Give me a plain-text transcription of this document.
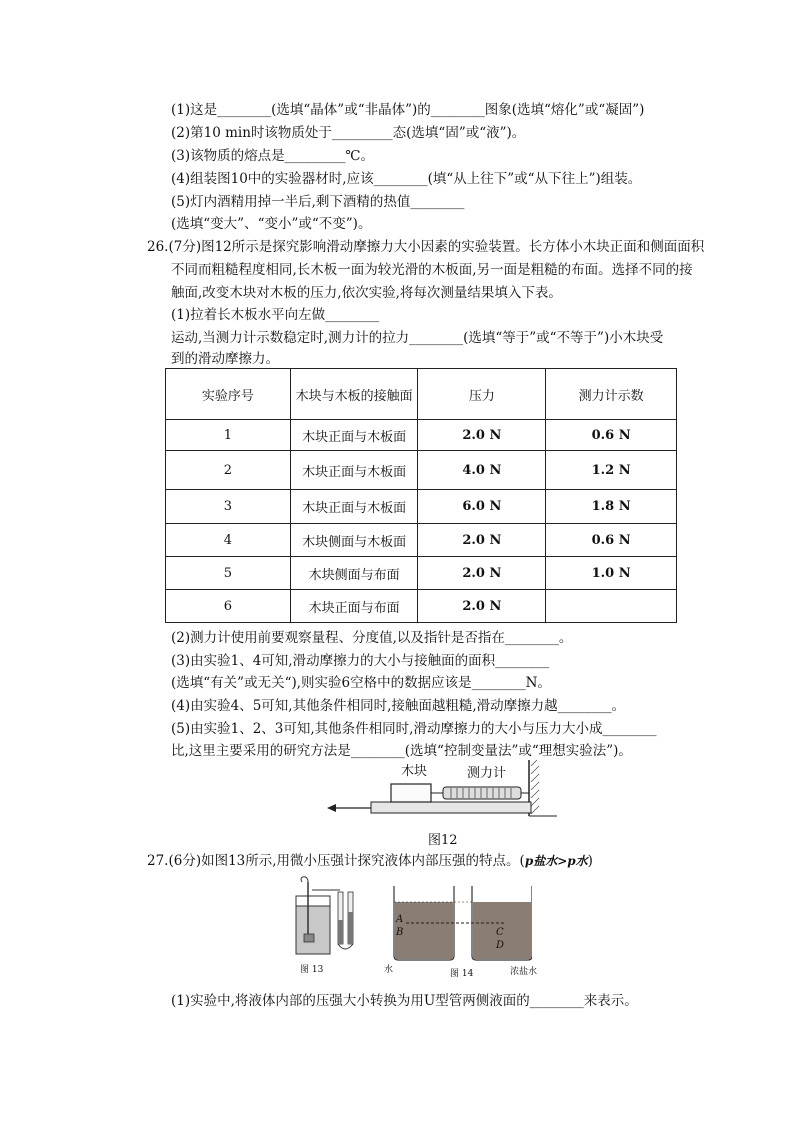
(1)这是________(选填“晶体”或“非晶体”)的________图象(选填“熔化”或“凝固”)
(2)第10 min时该物质处于_________态(选填“固”或“液”)。
(3)该物质的熔点是_________℃。
(4)组装图10中的实验器材时,应该________(填“从上往下”或“从下往上”)组装。
(5)灯内酒精用掉一半后,剩下酒精的热值________
(选填“变大”、“变小”或“不变”)。
26.(7分)图12所示是探究影响滑动摩擦力大小因素的实验装置。长方体小木块正面和侧面面积
不同而粗糙程度相同,长木板一面为较光滑的木板面,另一面是粗糙的布面。选择不同的接
触面,改变木块对木板的压力,依次实验,将每次测量结果填入下表。
(1)拉着长木板水平向左做________
运动,当测力计示数稳定时,测力计的拉力________(选填“等于”或“不等于”)小木块受
到的滑动摩擦力。
实验序号	木块与木板的接触面	压力	测力计示数
1	木块正面与木板面	2.0 N	0.6 N
2	木块正面与木板面	4.0 N	1.2 N
3	木块正面与木板面	6.0 N	1.8 N
4	木块侧面与木板面	2.0 N	0.6 N
5	木块侧面与布面	2.0 N	1.0 N
6	木块正面与布面	2.0 N	
(2)测力计使用前要观察量程、分度值,以及指针是否指在________。
(3)由实验1、4可知,滑动摩擦力的大小与接触面的面积________
(选填“有关”或无关“),则实验6空格中的数据应该是________N。
(4)由实验4、5可知,其他条件相同时,接触面越粗糙,滑动摩擦力越________。
(5)由实验1、2、3可知,其他条件相同时,滑动摩擦力的大小与压力大小成________
比,这里主要采用的研究方法是________(选填“控制变量法”或“理想实验法”)。
木块	测力计
图12
27.(6分)如图13所示,用微小压强计探究液体内部压强的特点。(p盐水>p水)
A
B	C
D
图 13	水	图 14	浓盐水
(1)实验中,将液体内部的压强大小转换为用U型管两侧液面的________来表示。
